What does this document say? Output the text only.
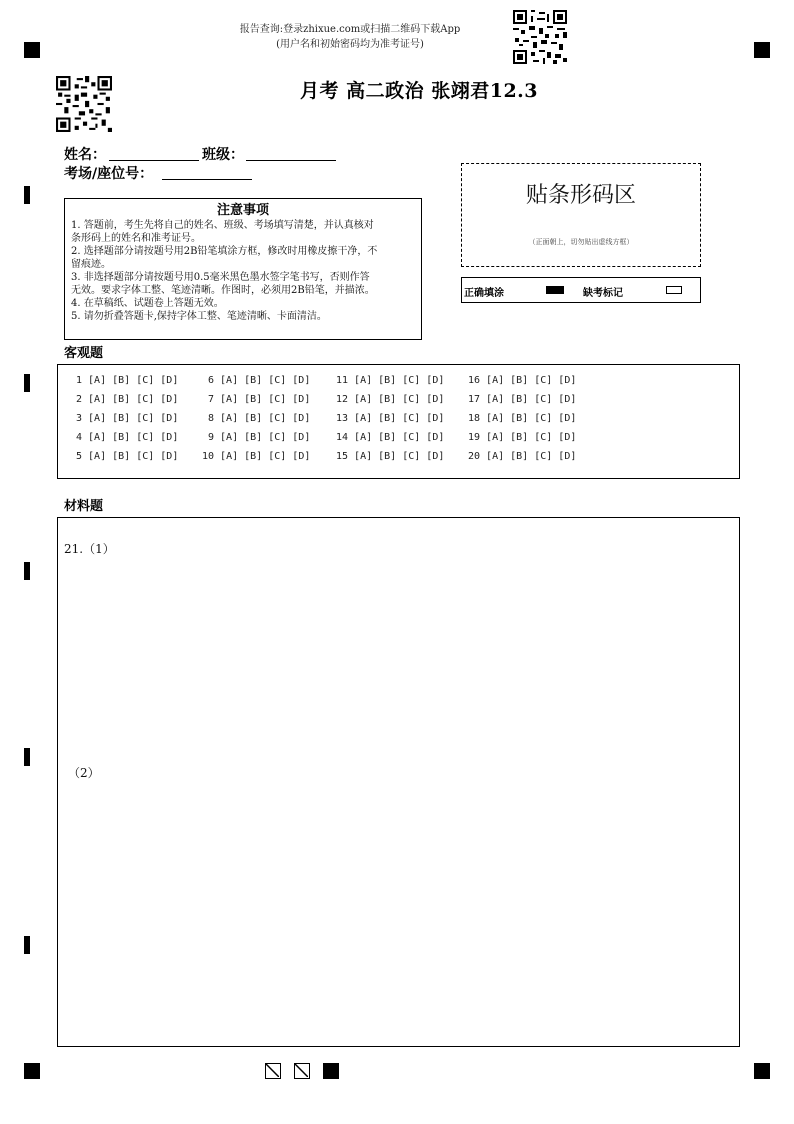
报告查询:登录zhixue.com或扫描二维码下载App
(用户名和初始密码均为准考证号)
月考 高二政治 张翊君12.3
姓名：	班级：
考场/座位号：
注意事项
1. 答题前，考生先将自己的姓名、班级、考场填写清楚，并认真核对
条形码上的姓名和准考证号。
2. 选择题部分请按题号用2B铅笔填涂方框，修改时用橡皮擦干净，不
留痕迹。
3. 非选择题部分请按题号用0.5毫米黑色墨水签字笔书写，否则作答
无效。要求字体工整、笔迹清晰。作图时，必须用2B铅笔，并描浓。
4. 在草稿纸、试题卷上答题无效。
5. 请勿折叠答题卡,保持字体工整、笔迹清晰、卡面清洁。
贴条形码区
（正面朝上，切勿贴出虚线方框）
正确填涂	缺考标记
客观题
1 [A] [B] [C] [D]	6 [A] [B] [C] [D]	11 [A] [B] [C] [D] 16 [A] [B] [C] [D]
2 [A] [B] [C] [D]	7 [A] [B] [C] [D]	12 [A] [B] [C] [D] 17 [A] [B] [C] [D]
3 [A] [B] [C] [D]	8 [A] [B] [C] [D]	13 [A] [B] [C] [D] 18 [A] [B] [C] [D]
4 [A] [B] [C] [D]	9 [A] [B] [C] [D]	14 [A] [B] [C] [D] 19 [A] [B] [C] [D]
5 [A] [B] [C] [D] 10 [A] [B] [C] [D]	15 [A] [B] [C] [D] 20 [A] [B] [C] [D]
材料题
21.（1）
（2）
